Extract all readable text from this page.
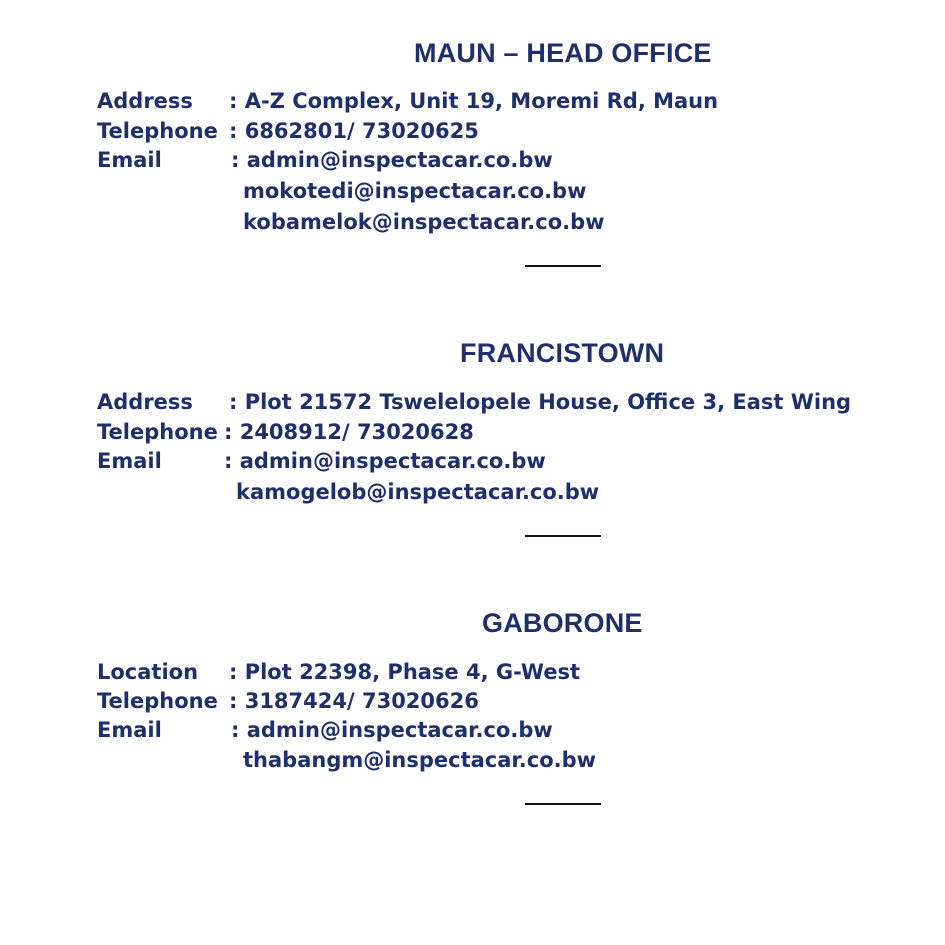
MAUN – HEAD OFFICE
Address : A-Z Complex, Unit 19, Moremi Rd, Maun
Telephone : 6862801/ 73020625
Email	: admin@inspectacar.co.bw
mokotedi@inspectacar.co.bw
kobamelok@inspectacar.co.bw
FRANCISTOWN
Address : Plot 21572 Tswelelopele House, Office 3, East Wing
Telephone : 2408912/ 73020628
Email	: admin@inspectacar.co.bw
kamogelob@inspectacar.co.bw
GABORONE
Location : Plot 22398, Phase 4, G-West
Telephone : 3187424/ 73020626
Email	: admin@inspectacar.co.bw
thabangm@inspectacar.co.bw
